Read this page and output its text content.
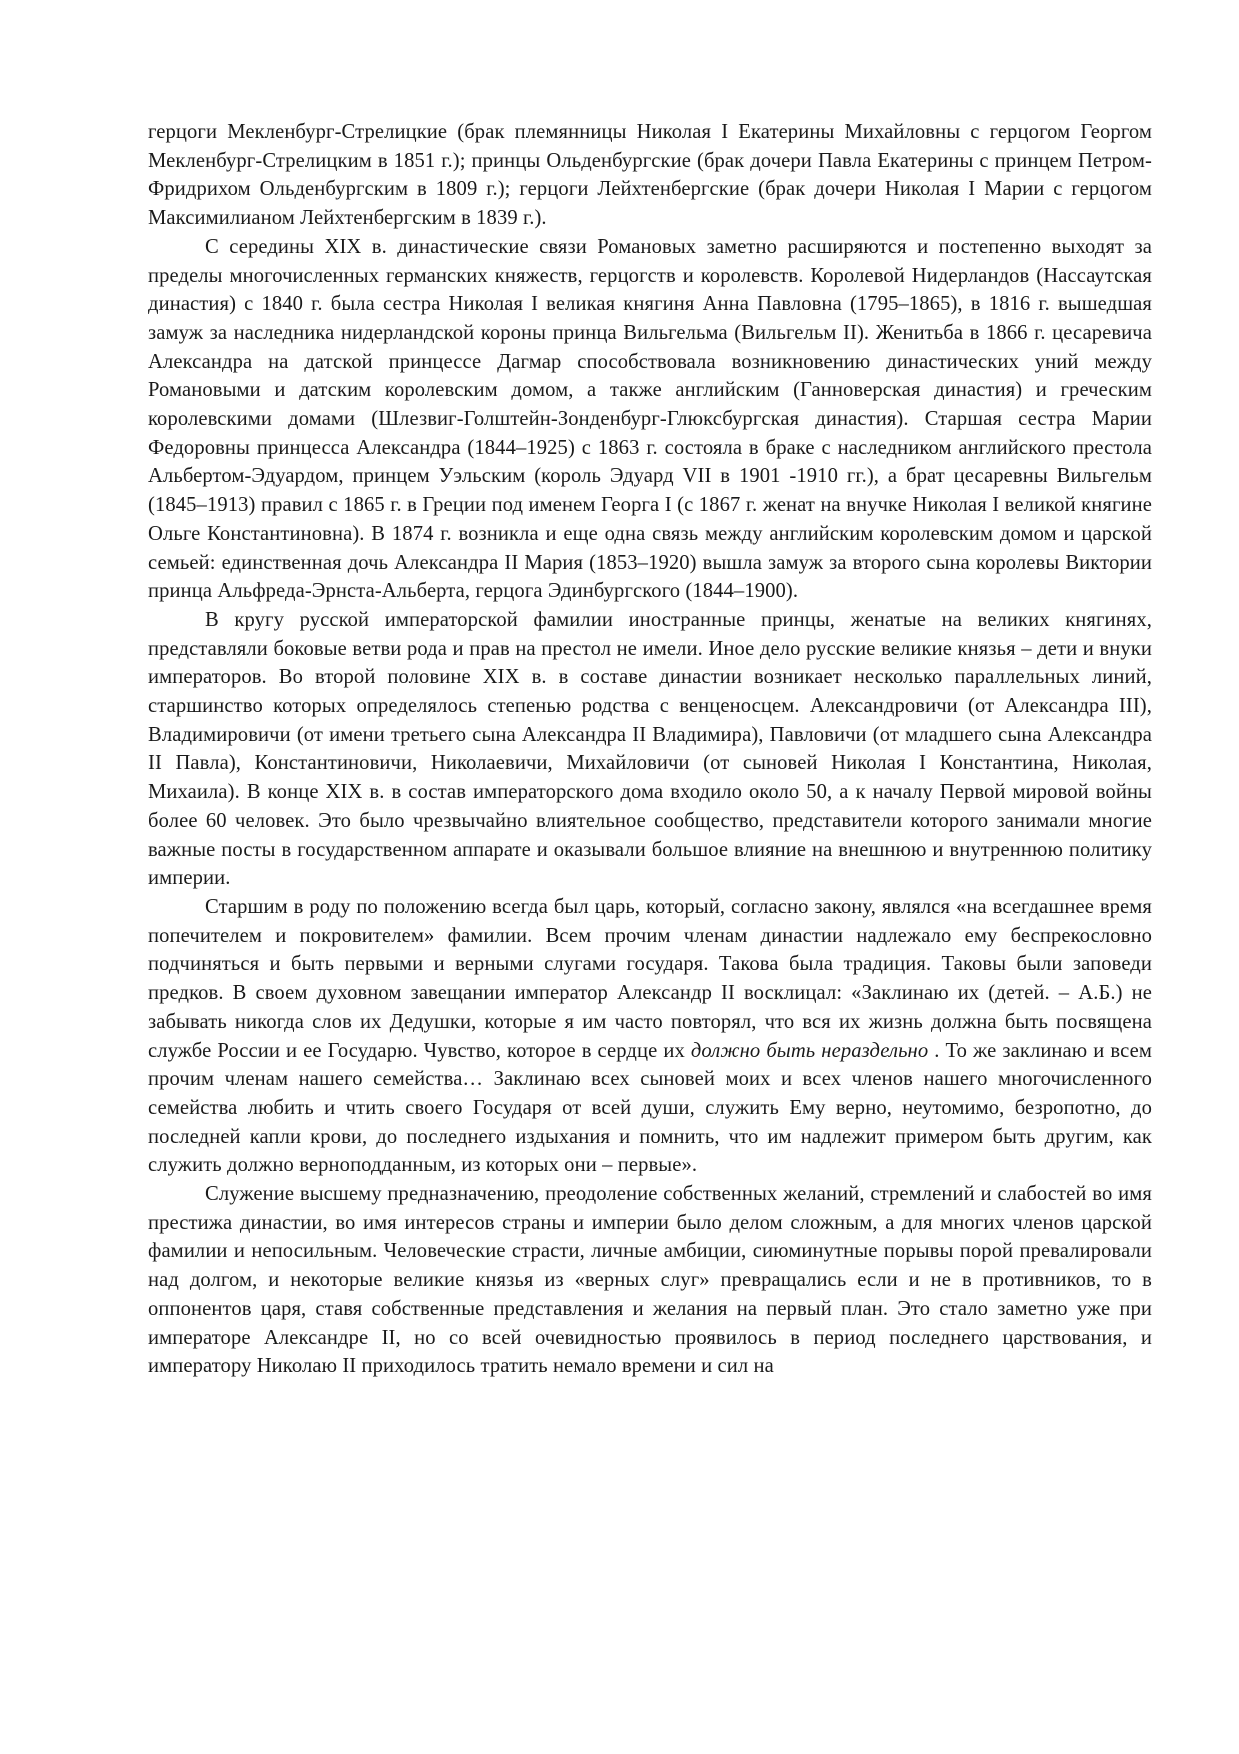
герцоги Мекленбург-Стрелицкие (брак племянницы Николая I Екатерины Михайловны с герцогом Георгом Мекленбург-Стрелицким в 1851 г.); принцы Ольденбургские (брак дочери Павла Екатерины с принцем Петром-Фридрихом Ольденбургским в 1809 г.); герцоги Лейхтенбергские (брак дочери Николая I Марии с герцогом Максимилианом Лейхтенбергским в 1839 г.).

С середины XIX в. династические связи Романовых заметно расширяются и постепенно выходят за пределы многочисленных германских княжеств, герцогств и королевств. Королевой Нидерландов (Нассаутская династия) с 1840 г. была сестра Николая I великая княгиня Анна Павловна (1795–1865), в 1816 г. вышедшая замуж за наследника нидерландской короны принца Вильгельма (Вильгельм II). Женитьба в 1866 г. цесаревича Александра на датской принцессе Дагмар способствовала возникновению династических уний между Романовыми и датским королевским домом, а также английским (Ганноверская династия) и греческим королевскими домами (Шлезвиг-Голштейн-Зонденбург-Глюксбургская династия). Старшая сестра Марии Федоровны принцесса Александра (1844–1925) с 1863 г. состояла в браке с наследником английского престола Альбертом-Эдуардом, принцем Уэльским (король Эдуард VII в 1901 -1910 гг.), а брат цесаревны Вильгельм (1845–1913) правил с 1865 г. в Греции под именем Георга I (с 1867 г. женат на внучке Николая I великой княгине Ольге Константиновна). В 1874 г. возникла и еще одна связь между английским королевским домом и царской семьей: единственная дочь Александра II Мария (1853–1920) вышла замуж за второго сына королевы Виктории принца Альфреда-Эрнста-Альберта, герцога Эдинбургского (1844–1900).

В кругу русской императорской фамилии иностранные принцы, женатые на великих княгинях, представляли боковые ветви рода и прав на престол не имели. Иное дело русские великие князья – дети и внуки императоров. Во второй половине XIX в. в составе династии возникает несколько параллельных линий, старшинство которых определялось степенью родства с венценосцем. Александровичи (от Александра III), Владимировичи (от имени третьего сына Александра II Владимира), Павловичи (от младшего сына Александра II Павла), Константиновичи, Николаевичи, Михайловичи (от сыновей Николая I Константина, Николая, Михаила). В конце XIX в. в состав императорского дома входило около 50, а к началу Первой мировой войны более 60 человек. Это было чрезвычайно влиятельное сообщество, представители которого занимали многие важные посты в государственном аппарате и оказывали большое влияние на внешнюю и внутреннюю политику империи.

Старшим в роду по положению всегда был царь, который, согласно закону, являлся «на всегдашнее время попечителем и покровителем» фамилии. Всем прочим членам династии надлежало ему беспрекословно подчиняться и быть первыми и верными слугами государя. Такова была традиция. Таковы были заповеди предков. В своем духовном завещании император Александр II восклицал: «Заклинаю их (детей. – А.Б.) не забывать никогда слов их Дедушки, которые я им часто повторял, что вся их жизнь должна быть посвящена службе России и ее Государю. Чувство, которое в сердце их должно быть нераздельно . То же заклинаю и всем прочим членам нашего семейства… Заклинаю всех сыновей моих и всех членов нашего многочисленного семейства любить и чтить своего Государя от всей души, служить Ему верно, неутомимо, безропотно, до последней капли крови, до последнего издыхания и помнить, что им надлежит примером быть другим, как служить должно верноподданным, из которых они – первые».

Служение высшему предназначению, преодоление собственных желаний, стремлений и слабостей во имя престижа династии, во имя интересов страны и империи было делом сложным, а для многих членов царской фамилии и непосильным. Человеческие страсти, личные амбиции, сиюминутные порывы порой превалировали над долгом, и некоторые великие князья из «верных слуг» превращались если и не в противников, то в оппонентов царя, ставя собственные представления и желания на первый план. Это стало заметно уже при императоре Александре II, но со всей очевидностью проявилось в период последнего царствования, и императору Николаю II приходилось тратить немало времени и сил на
